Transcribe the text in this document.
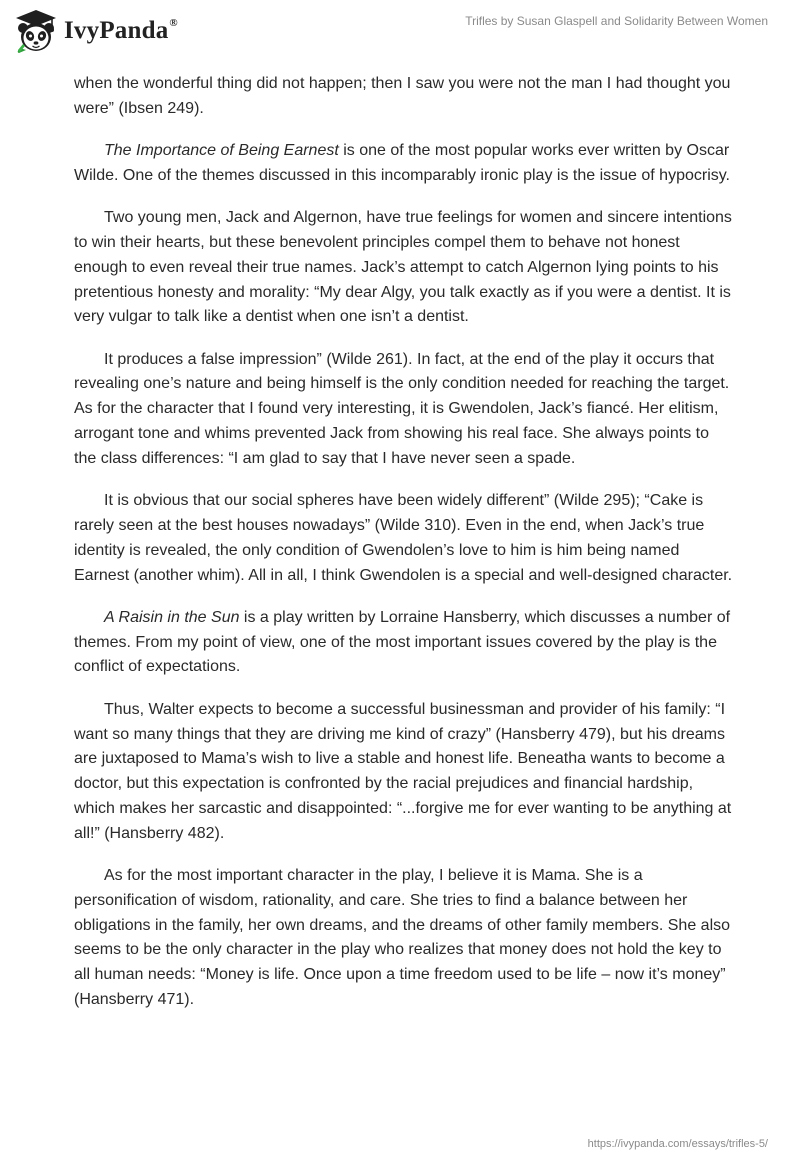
IvyPanda®	Trifles by Susan Glaspell and Solidarity Between Women

when the wonderful thing did not happen; then I saw you were not the man I had thought you were” (Ibsen 249).

The Importance of Being Earnest is one of the most popular works ever written by Oscar Wilde. One of the themes discussed in this incomparably ironic play is the issue of hypocrisy.

Two young men, Jack and Algernon, have true feelings for women and sincere intentions to win their hearts, but these benevolent principles compel them to behave not honest enough to even reveal their true names. Jack’s attempt to catch Algernon lying points to his pretentious honesty and morality: “My dear Algy, you talk exactly as if you were a dentist. It is very vulgar to talk like a dentist when one isn’t a dentist.

It produces a false impression” (Wilde 261). In fact, at the end of the play it occurs that revealing one’s nature and being himself is the only condition needed for reaching the target. As for the character that I found very interesting, it is Gwendolen, Jack’s fiancé. Her elitism, arrogant tone and whims prevented Jack from showing his real face. She always points to the class differences: “I am glad to say that I have never seen a spade.

It is obvious that our social spheres have been widely different” (Wilde 295); “Cake is rarely seen at the best houses nowadays” (Wilde 310). Even in the end, when Jack’s true identity is revealed, the only condition of Gwendolen’s love to him is him being named Earnest (another whim). All in all, I think Gwendolen is a special and well-designed character.

A Raisin in the Sun is a play written by Lorraine Hansberry, which discusses a number of themes. From my point of view, one of the most important issues covered by the play is the conflict of expectations.

Thus, Walter expects to become a successful businessman and provider of his family: “I want so many things that they are driving me kind of crazy” (Hansberry 479), but his dreams are juxtaposed to Mama’s wish to live a stable and honest life. Beneatha wants to become a doctor, but this expectation is confronted by the racial prejudices and financial hardship, which makes her sarcastic and disappointed: “...forgive me for ever wanting to be anything at all!” (Hansberry 482).

As for the most important character in the play, I believe it is Mama. She is a personification of wisdom, rationality, and care. She tries to find a balance between her obligations in the family, her own dreams, and the dreams of other family members. She also seems to be the only character in the play who realizes that money does not hold the key to all human needs: “Money is life. Once upon a time freedom used to be life – now it’s money” (Hansberry 471).

https://ivypanda.com/essays/trifles-5/
